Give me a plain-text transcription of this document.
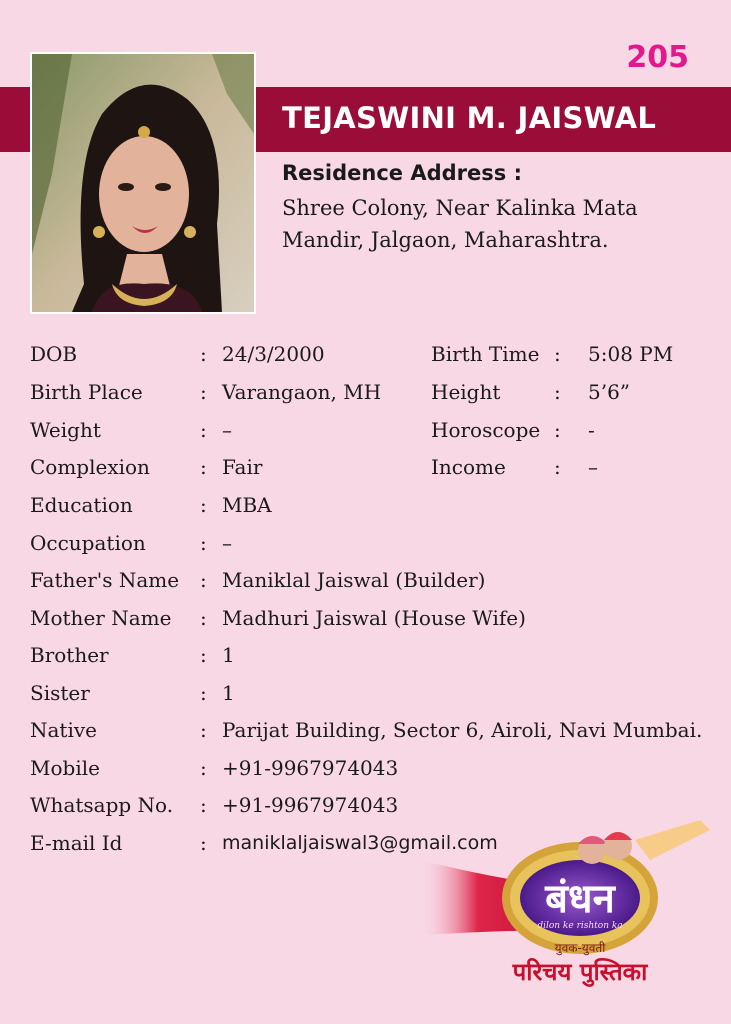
205
TEJASWINI M. JAISWAL
Residence Address :
Shree Colony, Near Kalinka Mata
Mandir, Jalgaon, Maharashtra.
DOB	: 24/3/2000	Birth Time : 5:08 PM
Birth Place	: Varangaon, MH Height	: 5’6”
Weight	: –	Horoscope : -
Complexion	: Fair	Income : –
Education	: MBA
Occupation	: –
Father's Name : Maniklal Jaiswal (Builder)
Mother Name : Madhuri Jaiswal (House Wife)
Brother	: 1
Sister	: 1
Native	: Parijat Building, Sector 6, Airoli, Navi Mumbai.
Mobile	: +91-9967974043
Whatsapp No. : +91-9967974043
E-mail Id	: maniklaljaiswal3@gmail.com
बंधन
dilon ke rishton ka
युवक-युवती
परिचय पुस्तिका
